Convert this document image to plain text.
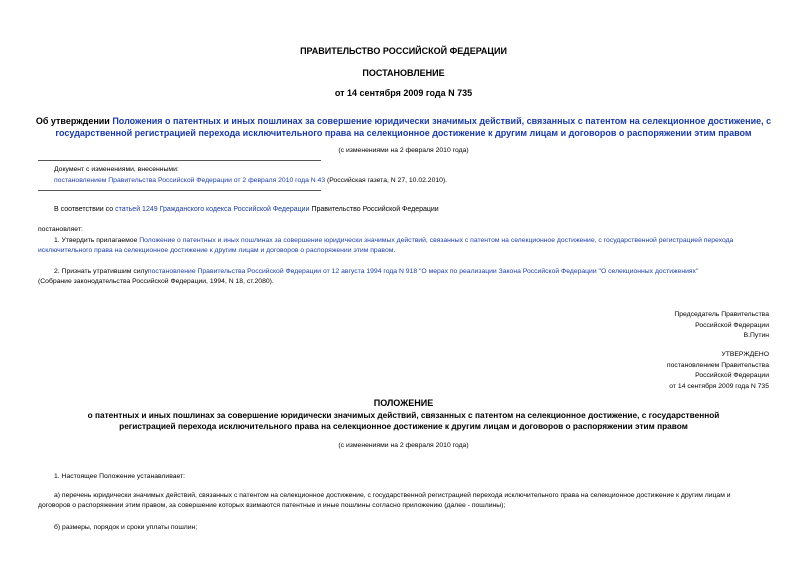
ПРАВИТЕЛЬСТВО РОССИЙСКОЙ ФЕДЕРАЦИИ
ПОСТАНОВЛЕНИЕ
от 14 сентября 2009 года N 735
Об утверждении Положения о патентных и иных пошлинах за совершение юридически значимых действий, связанных с патентом на селекционное достижение, с
государственной регистрацией перехода исключительного права на селекционное достижение к другим лицам и договоров о распоряжении этим правом
(с изменениями на 2 февраля 2010 года)
Документ с изменениями, внесенными:
постановлением Правительства Российской Федерации от 2 февраля 2010 года N 43 (Российская газета, N 27, 10.02.2010).
В соответствии со статьей 1249 Гражданского кодекса Российской Федерации Правительство Российской Федерации
постановляет:
1. Утвердить прилагаемое Положение о патентных и иных пошлинах за совершение юридически значимых действий, связанных с патентом на селекционное достижение, с государственной регистрацией перехода
исключительного права на селекционное достижение к другим лицам и договоров о распоряжении этим правом.
2. Признать утратившим силупостановление Правительства Российской Федерации от 12 августа 1994 года N 918 "О мерах по реализации Закона Российской Федерации "О селекционных достижениях"
(Собрание законодательства Российской Федерации, 1994, N 18, ст.2080).
Председатель Правительства
Российской Федерации
В.Путин
УТВЕРЖДЕНО
постановлением Правительства
Российской Федерации
от 14 сентября 2009 года N 735
ПОЛОЖЕНИЕ
о патентных и иных пошлинах за совершение юридически значимых действий, связанных с патентом на селекционное достижение, с государственной
регистрацией перехода исключительного права на селекционное достижение к другим лицам и договоров о распоряжении этим правом
(с изменениями на 2 февраля 2010 года)
1. Настоящее Положение устанавливает:
а) перечень юридически значимых действий, связанных с патентом на селекционное достижение, с государственной регистрацией перехода исключительного права на селекционное достижение к другим лицам и
договоров о распоряжении этим правом, за совершение которых взимаются патентные и иные пошлины согласно приложению (далее - пошлины);
б) размеры, порядок и сроки уплаты пошлин;
